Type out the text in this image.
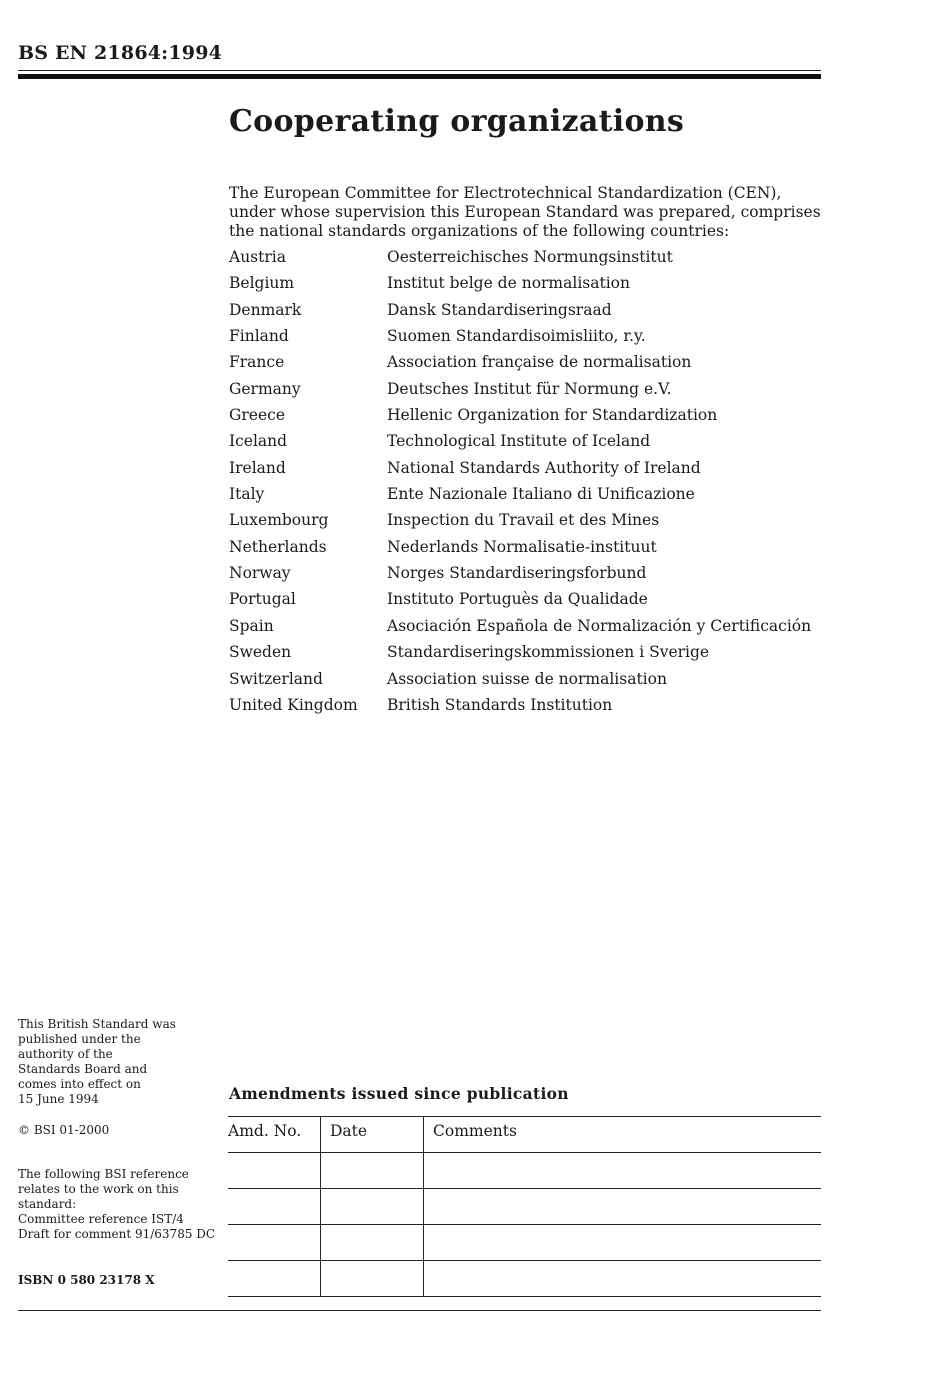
BS EN 21864:1994
Cooperating organizations
The European Committee for Electrotechnical Standardization (CEN), under whose supervision this European Standard was prepared, comprises the national standards organizations of the following countries:
Austria	Oesterreichisches Normungsinstitut
Belgium	Institut belge de normalisation
Denmark	Dansk Standardiseringsraad
Finland	Suomen Standardisoimisliito, r.y.
France	Association française de normalisation
Germany	Deutsches Institut für Normung e.V.
Greece	Hellenic Organization for Standardization
Iceland	Technological Institute of Iceland
Ireland	National Standards Authority of Ireland
Italy	Ente Nazionale Italiano di Unificazione
Luxembourg	Inspection du Travail et des Mines
Netherlands	Nederlands Normalisatie-instituut
Norway	Norges Standardiseringsforbund
Portugal	Instituto Portuguès da Qualidade
Spain	Asociación Española de Normalización y Certificación
Sweden	Standardiseringskommissionen i Sverige
Switzerland	Association suisse de normalisation
United Kingdom	British Standards Institution
This British Standard was
published under the
authority of the
Standards Board and
comes into effect on
15 June 1994
© BSI 01-2000
The following BSI reference
relates to the work on this
standard:
Committee reference IST/4
Draft for comment 91/63785 DC
ISBN 0 580 23178 X
Amendments issued since publication
Amd. No.	Date	Comments
